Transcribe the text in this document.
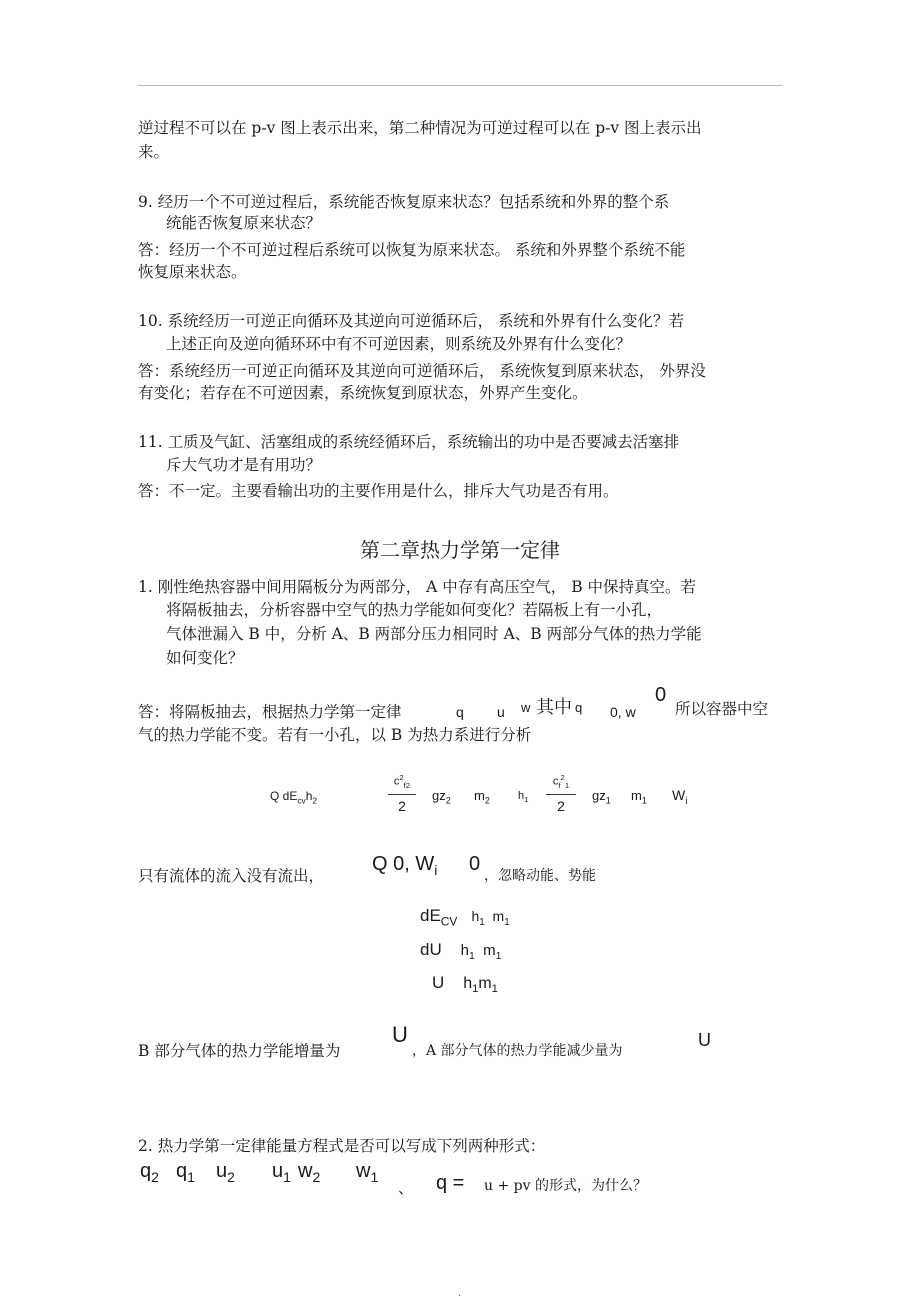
逆过程不可以在 p-v 图上表示出来，第二种情况为可逆过程可以在 p-v 图上表示出
来。
9. 经历一个不可逆过程后，系统能否恢复原来状态？包括系统和外界的整个系
统能否恢复原来状态？
答：经历一个不可逆过程后系统可以恢复为原来状态。 系统和外界整个系统不能
恢复原来状态。
10. 系统经历一可逆正向循环及其逆向可逆循环后， 系统和外界有什么变化？若
上述正向及逆向循环环中有不可逆因素，则系统及外界有什么变化？
答：系统经历一可逆正向循环及其逆向可逆循环后， 系统恢复到原来状态， 外界没
有变化；若存在不可逆因素，系统恢复到原状态，外界产生变化。
11. 工质及气缸、活塞组成的系统经循环后，系统输出的功中是否要减去活塞排
斥大气功才是有用功？
答：不一定。主要看输出功的主要作用是什么，排斥大气功是否有用。
第二章热力学第一定律
1. 刚性绝热容器中间用隔板分为两部分， A 中存有高压空气， B 中保持真空。若
将隔板抽去，分析容器中空气的热力学能如何变化？若隔板上有一小孔，
气体泄漏入 B 中，分析 A、B 两部分压力相同时 A、B 两部分气体的热力学能
如何变化？
答：将隔板抽去，根据热力学第一定律	q u w 其中 q 0, w
0
所以容器中空
气的热力学能不变。若有一小孔，以 B 为热力系进行分析
Q $dE_{cv}h_2$
$c^2_{f2}$
2
$gz_2$ $m_2$	$h_1$
$c_f^2_1$
2
$gz_1$ $m_1$ $W_i$
只有流体的流入没有流出，
Q 0, $W_i$ 0
，忽略动能、势能
$dE_{CV}$ $h_1$ $m_1$
dU $h_1$ $m_1$
U $h_1m_1$
B 部分气体的热力学能增量为
U
，A 部分气体的热力学能减少量为
U
2. 热力学第一定律能量方程式是否可以写成下列两种形式：
$q_2$ $q_1$ $u_2$ $u_1$ $w_2$ $w_1$
、 q = u + pv 的形式，为什么？
.
